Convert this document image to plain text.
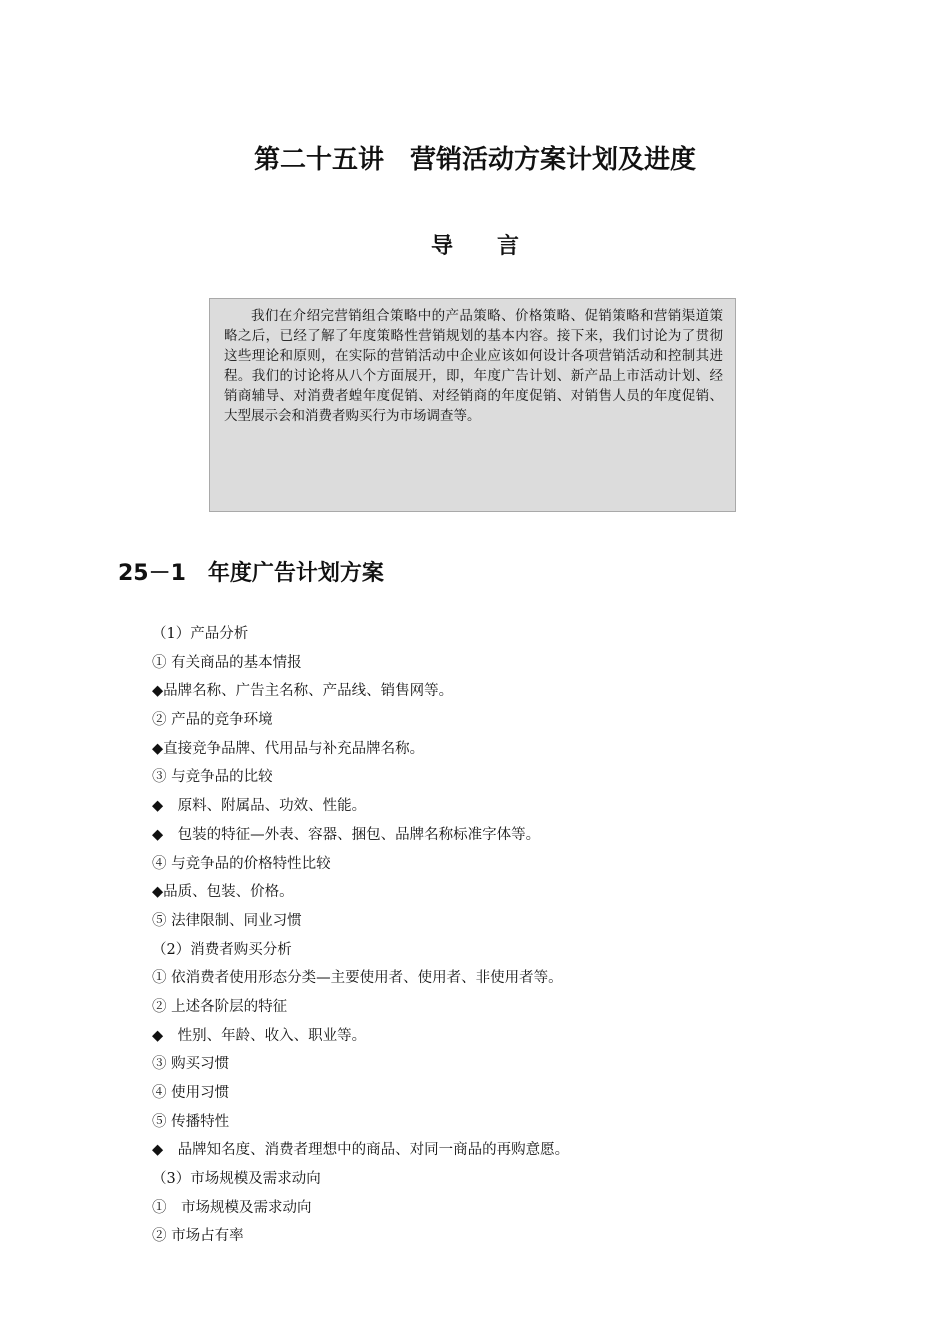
第二十五讲　营销活动方案计划及进度
导　　言

我们在介绍完营销组合策略中的产品策略、价格策略、促销策略和营销渠道策略之后，已经了解了年度策略性营销规划的基本内容。接下来，我们讨论为了贯彻这些理论和原则，在实际的营销活动中企业应该如何设计各项营销活动和控制其进程。我们的讨论将从八个方面展开，即，年度广告计划、新产品上市活动计划、经销商辅导、对消费者蝗年度促销、对经销商的年度促销、对销售人员的年度促销、大型展示会和消费者购买行为市场调查等。

25－1　年度广告计划方案
（1）产品分析
① 有关商品的基本情报
◆品牌名称、广告主名称、产品线、销售网等。
② 产品的竞争环境
◆直接竞争品牌、代用品与补充品牌名称。
③ 与竞争品的比较
◆　原料、附属品、功效、性能。
◆　包装的特征—外表、容器、捆包、品牌名称标准字体等。
④ 与竞争品的价格特性比较
◆品质、包装、价格。
⑤ 法律限制、同业习惯
（2）消费者购买分析
① 依消费者使用形态分类—主要使用者、使用者、非使用者等。
② 上述各阶层的特征
◆　性别、年龄、收入、职业等。
③ 购买习惯
④ 使用习惯
⑤ 传播特性
◆　品牌知名度、消费者理想中的商品、对同一商品的再购意愿。
（3）市场规模及需求动向
①　市场规模及需求动向
② 市场占有率
